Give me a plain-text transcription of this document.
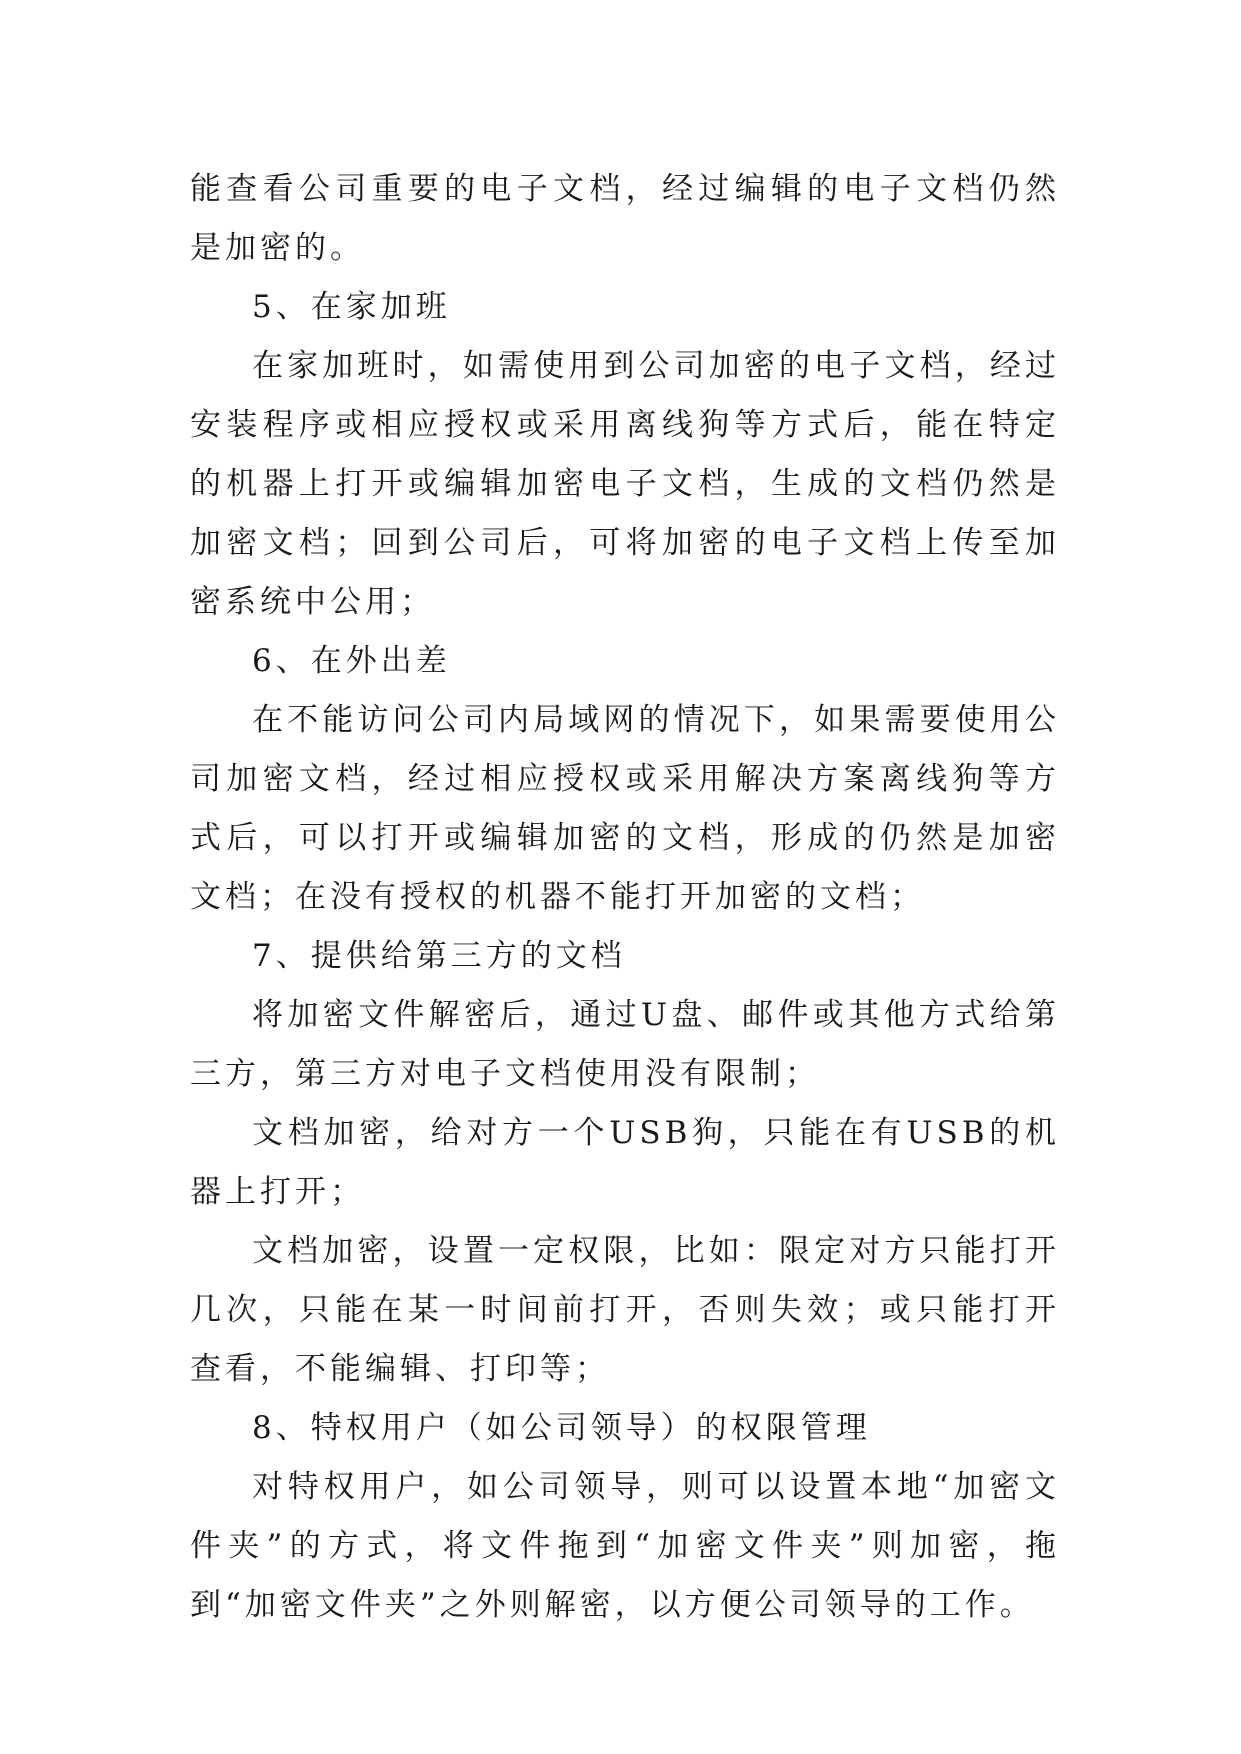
能查看公司重要的电子文档，经过编辑的电子文档仍然是加密的。

5、在家加班

在家加班时，如需使用到公司加密的电子文档，经过安装程序或相应授权或采用离线狗等方式后，能在特定的机器上打开或编辑加密电子文档，生成的文档仍然是加密文档；回到公司后，可将加密的电子文档上传至加密系统中公用；

6、在外出差

在不能访问公司内局域网的情况下，如果需要使用公司加密文档，经过相应授权或采用解决方案离线狗等方式后，可以打开或编辑加密的文档，形成的仍然是加密文档；在没有授权的机器不能打开加密的文档；

7、提供给第三方的文档

将加密文件解密后，通过U盘、邮件或其他方式给第三方，第三方对电子文档使用没有限制；

文档加密，给对方一个USB狗，只能在有USB的机器上打开；

文档加密，设置一定权限，比如：限定对方只能打开几次，只能在某一时间前打开，否则失效；或只能打开查看，不能编辑、打印等；

8、特权用户（如公司领导）的权限管理

对特权用户，如公司领导，则可以设置本地“加密文件夹”的方式，将文件拖到“加密文件夹”则加密，拖到“加密文件夹”之外则解密，以方便公司领导的工作。
